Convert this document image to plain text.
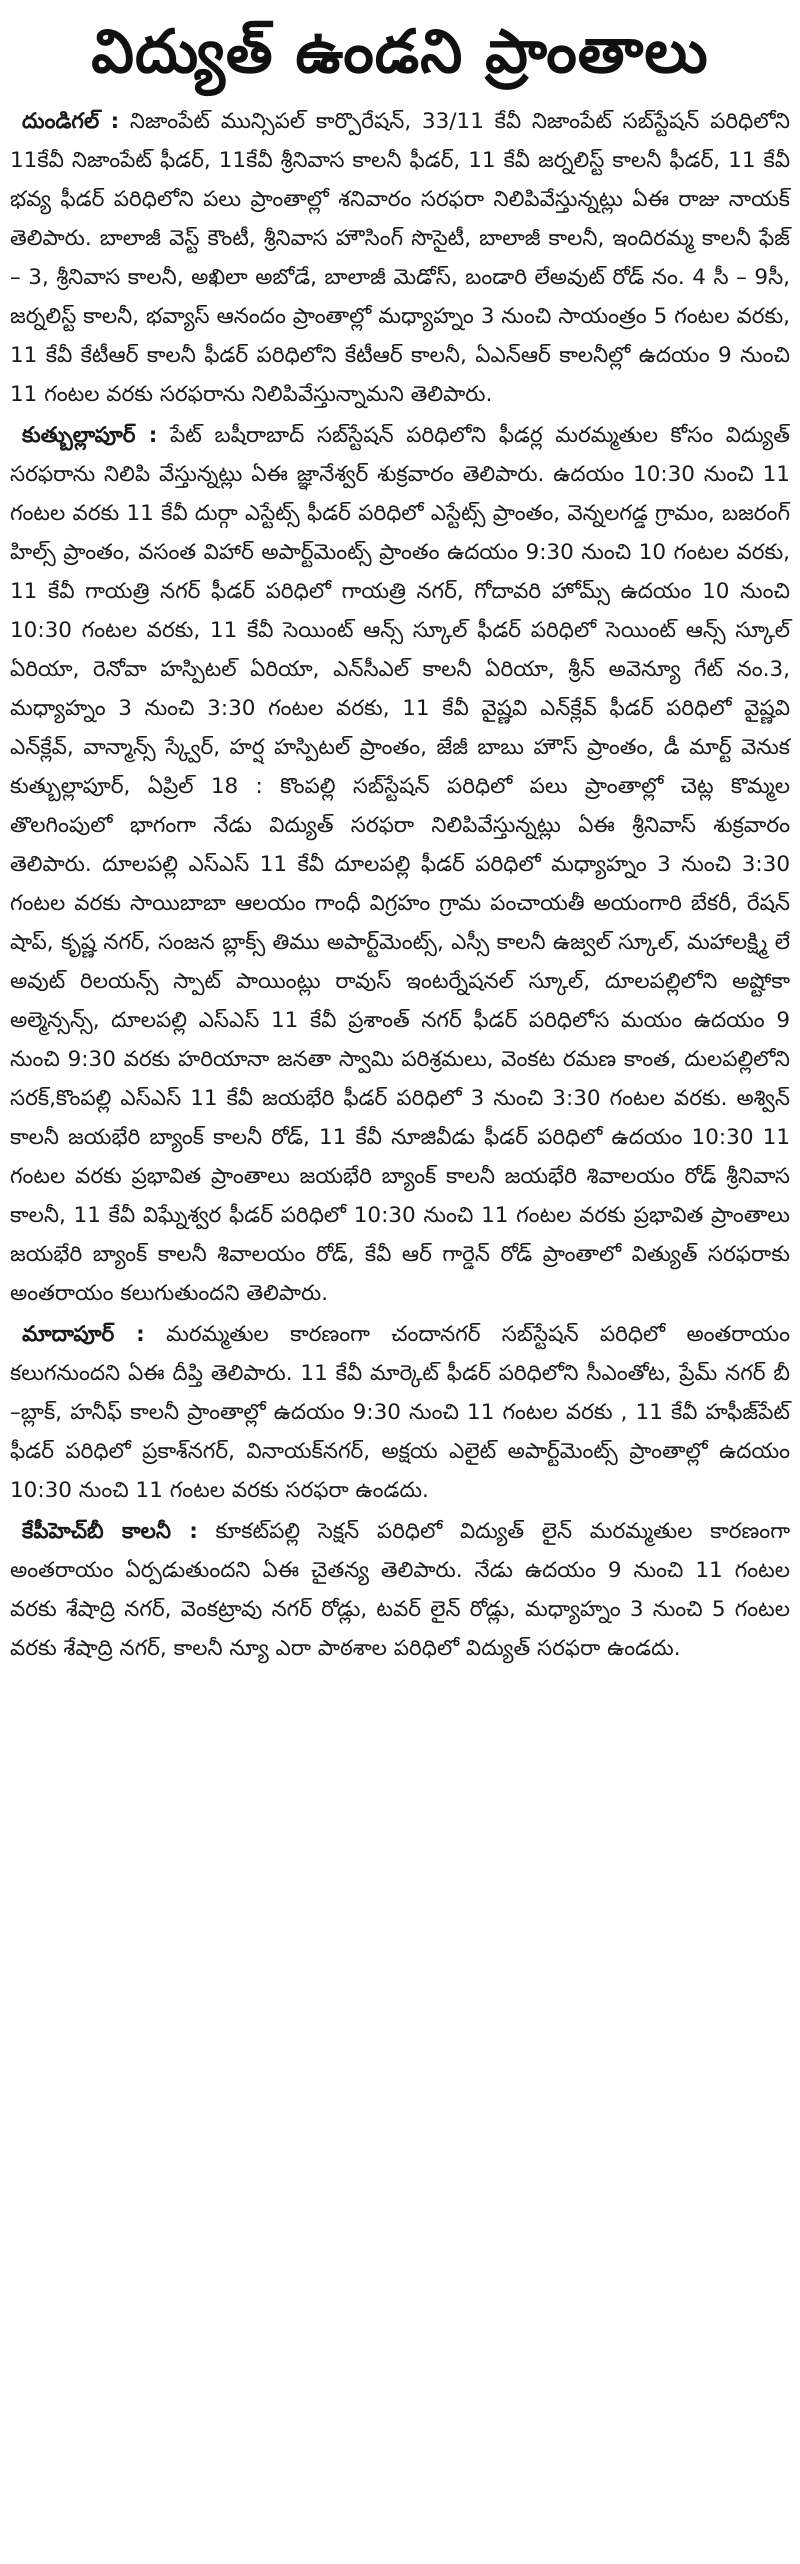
విద్యుత్‌ ఉండని ప్రాంతాలు

దుండిగల్‌ : నిజాంపేట్‌ మున్సిపల్‌ కార్పొరేషన్‌, 33/11 కేవీ నిజాంపేట్‌ సబ్‌స్టేషన్‌ పరిధిలోని 11కేవీ నిజాంపేట్‌ ఫీడర్‌, 11కేవీ శ్రీనివాస కాలనీ ఫీడర్‌, 11 కేవీ జర్నలిస్ట్‌ కాలనీ ఫీడర్‌, 11 కేవీ భవ్య ఫీడర్‌ పరిధిలోని పలు ప్రాంతాల్లో శనివారం సరఫరా నిలిపివేస్తున్నట్లు ఏఈ రాజు నాయక్‌ తెలిపారు. బాలాజీ వెస్ట్‌ కౌంటీ, శ్రీనివాస హౌసింగ్‌ సొసైటీ, బాలాజీ కాలనీ, ఇందిరమ్మ కాలనీ ఫేజ్‌ – 3, శ్రీనివాస కాలనీ, అఖిలా అబోడే, బాలాజీ మెడోస్‌, బండారి లేఅవుట్‌ రోడ్‌ నం. 4 సీ – 9సీ, జర్నలిస్ట్‌ కాలనీ, భవ్యాస్‌ ఆనందం ప్రాంతాల్లో మధ్యాహ్నం 3 నుంచి సాయంత్రం 5 గంటల వరకు, 11 కేవీ కేటీఆర్‌ కాలనీ ఫీడర్‌ పరిధిలోని కేటీఆర్‌ కాలనీ, ఏఎన్‌ఆర్‌ కాలనీల్లో ఉదయం 9 నుంచి 11 గంటల వరకు సరఫరాను నిలిపివేస్తున్నామని తెలిపారు.

కుత్బుల్లాపూర్‌ : పేట్‌ బషీరాబాద్‌ సబ్‌స్టేషన్‌ పరిధిలోని ఫీడర్ల మరమ్మతుల కోసం విద్యుత్‌ సరఫరాను నిలిపి వేస్తున్నట్లు ఏఈ జ్ఞానేశ్వర్‌ శుక్రవారం తెలిపారు. ఉదయం 10:30 నుంచి 11 గంటల వరకు 11 కేవీ దుర్గా ఎస్టేట్స్‌ ఫీడర్‌ పరిధిలో ఎస్టేట్స్‌ ప్రాంతం, వెన్నలగడ్డ గ్రామం, బజరంగ్‌ హిల్స్‌ ప్రాంతం, వసంత విహార్‌ అపార్ట్‌మెంట్స్‌ ప్రాంతం ఉదయం 9:30 నుంచి 10 గంటల వరకు, 11 కేవీ గాయత్రి నగర్‌ ఫీడర్‌ పరిధిలో గాయత్రి నగర్‌, గోదావరి హోమ్స్‌ ఉదయం 10 నుంచి 10:30 గంటల వరకు, 11 కేవీ సెయింట్‌ ఆన్స్‌ స్కూల్‌ ఫీడర్‌ పరిధిలో సెయింట్‌ ఆన్స్‌ స్కూల్‌ ఏరియా, రెనోవా హస్పిటల్‌ ఏరియా, ఎన్‌సీఎల్‌ కాలనీ ఏరియా, శ్రీన్‌ అవెన్యూ గేట్‌ నం.3, మధ్యాహ్నం 3 నుంచి 3:30 గంటల వరకు, 11 కేవీ వైష్ణవి ఎన్‌క్లేవ్‌ ఫీడర్‌ పరిధిలో వైష్ణవి ఎన్‌క్లేవ్‌, వాన్మాన్స్‌ స్క్వేర్‌, హర్ష హస్పిటల్‌ ప్రాంతం, జేజీ బాబు హౌస్‌ ప్రాంతం, డీ మార్ట్‌ వెనుక కుత్బుల్లాపూర్‌, ఏప్రిల్‌ 18 : కొంపల్లి సబ్‌స్టేషన్‌ పరిధిలో పలు ప్రాంతాల్లో చెట్ల కొమ్మల తొలగింపులో భాగంగా నేడు విద్యుత్‌ సరఫరా నిలిపివేస్తున్నట్లు ఏఈ శ్రీనివాస్‌ శుక్రవారం తెలిపారు. దూలపల్లి ఎస్‌ఎస్‌ 11 కేవీ దూలపల్లి ఫీడర్‌ పరిధిలో మధ్యాహ్నం 3 నుంచి 3:30 గంటల వరకు సాయిబాబా ఆలయం గాంధీ విగ్రహం గ్రామ పంచాయతీ అయంగారి బేకరీ, రేషన్‌ షాప్‌, కృష్ణ నగర్‌, సంజన బ్లాక్స్‌ తిము అపార్ట్‌మెంట్స్‌, ఎస్సీ కాలనీ ఉజ్వల్‌ స్కూల్‌, మహాలక్ష్మి లే అవుట్‌ రిలయన్స్‌ స్పాట్‌ పాయింట్లు రావుస్‌ ఇంటర్నేషనల్‌ స్కూల్‌, దూలపల్లిలోని అష్టోకా అల్మెన్సన్స్‌, దూలపల్లి ఎస్‌ఎస్‌ 11 కేవీ ప్రశాంత్‌ నగర్‌ ఫీడర్‌ పరిధిలోస మయం ఉదయం 9 నుంచి 9:30 వరకు హరియానా జనతా స్వామి పరిశ్రమలు, వెంకట రమణ కాంత, దులపల్లిలోని సరక్‌,కొంపల్లి ఎస్‌ఎస్‌ 11 కేవీ జయభేరి ఫీడర్‌ పరిధిలో 3 నుంచి 3:30 గంటల వరకు. అశ్విన్‌ కాలనీ జయభేరి బ్యాంక్‌ కాలనీ రోడ్‌, 11 కేవీ నూజివీడు ఫీడర్‌ పరిధిలో ఉదయం 10:30 11 గంటల వరకు ప్రభావిత ప్రాంతాలు జయభేరి బ్యాంక్‌ కాలనీ జయభేరి శివాలయం రోడ్‌ శ్రీనివాస కాలనీ, 11 కేవీ విఘ్నేశ్వర ఫీడర్‌ పరిధిలో 10:30 నుంచి 11 గంటల వరకు ప్రభావిత ప్రాంతాలు జయభేరి బ్యాంక్‌ కాలనీ శివాలయం రోడ్‌, కేవీ ఆర్‌ గార్డెన్‌ రోడ్‌ ప్రాంతాలో విత్యుత్‌ సరఫరాకు అంతరాయం కలుగుతుందని తెలిపారు.

మాదాపూర్‌ : మరమ్మతుల కారణంగా చందానగర్‌ సబ్‌స్టేషన్‌ పరిధిలో అంతరాయం కలుగనుందని ఏఈ దీప్తి తెలిపారు. 11 కేవీ మార్కెట్‌ ఫీడర్‌ పరిధిలోని సీఎంతోట, ప్రేమ్‌ నగర్‌ బీ –బ్లాక్‌, హనీఫ్‌ కాలనీ ప్రాంతాల్లో ఉదయం 9:30 నుంచి 11 గంటల వరకు , 11 కేవీ హఫీజ్‌పేట్‌ ఫీడర్‌ పరిధిలో ప్రకాశ్‌నగర్‌, వినాయక్‌నగర్‌, అక్షయ ఎలైట్‌ అపార్ట్‌మెంట్స్‌ ప్రాంతాల్లో ఉదయం 10:30 నుంచి 11 గంటల వరకు సరఫరా ఉండదు.

కేపీహెచ్‌బీ కాలనీ : కూకట్‌పల్లి సెక్షన్‌ పరిధిలో విద్యుత్‌ లైన్‌ మరమ్మతుల కారణంగా అంతరాయం ఏర్పడుతుందని ఏఈ చైతన్య తెలిపారు. నేడు ఉదయం 9 నుంచి 11 గంటల వరకు శేషాద్రి నగర్‌, వెంకట్రావు నగర్‌ రోడ్లు, టవర్‌ లైన్‌ రోడ్లు, మధ్యాహ్నం 3 నుంచి 5 గంటల వరకు శేషాద్రి నగర్‌, కాలనీ న్యూ ఎరా పాఠశాల పరిధిలో విద్యుత్‌ సరఫరా ఉండదు.
